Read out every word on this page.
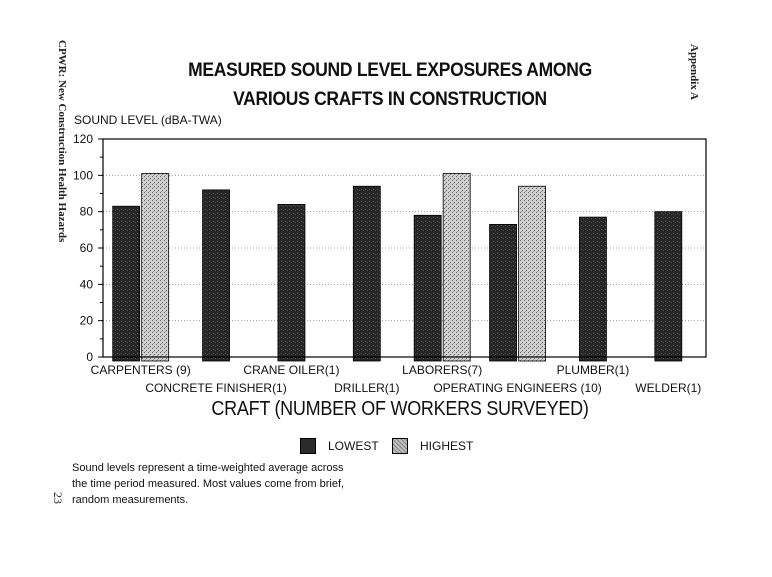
CPWR: New Construction Health Hazards	Appendix A
23
MEASURED SOUND LEVEL EXPOSURES AMONG
VARIOUS CRAFTS IN CONSTRUCTION
SOUND LEVEL (dBA-TWA)
0
20
40
60
80
100
120
CARPENTERS (9)
CONCRETE FINISHER(1)
CRANE OILER(1)
DRILLER(1)
LABORERS(7)
OPERATING ENGINEERS (10)
PLUMBER(1)
WELDER(1)
CRAFT (NUMBER OF WORKERS SURVEYED)
LOWEST	HIGHEST
Sound levels represent a time-weighted average across the time period measured. Most values come from brief, random measurements.
